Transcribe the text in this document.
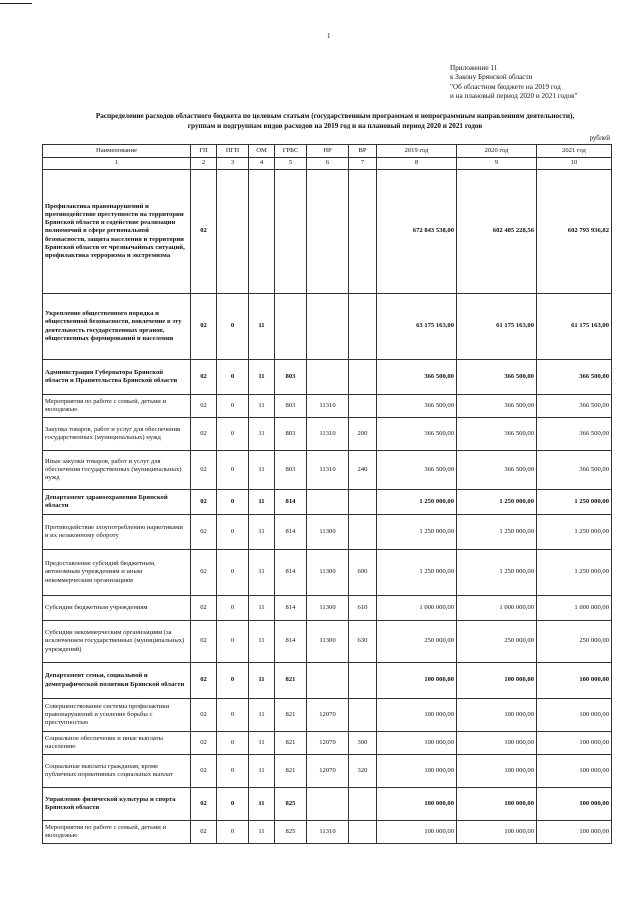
1
Приложение 11
к Закону Брянской области
"Об областном бюджете на 2019 год
и на плановый период 2020 и 2021 годов"
Распределение расходов областного бюджета по целевым статьям (государственным программам и непрограммным направлениям деятельности),
группам и подгруппам видов расходов на 2019 год и на плановый период 2020 и 2021 годов
рублей
Наименование	ГП	ПГП	ОМ	ГРБС	НР	ВР	2019 год	2020 год	2021 год
1	2	3	4	5	6	7	8	9	10
Профилактика правонарушений и противодействие преступности на территории Брянской области и содействие реализации полномочий в сфере региональной безопасности, защита населения и территории Брянской области от чрезвычайных ситуаций, профилактика терроризма и экстремизма	02						672 843 538,00	602 485 228,56	602 793 936,82
Укрепление общественного порядка и общественной безопасности, вовлечение в эту деятельность государственных органов, общественных формирований и населения	02	0	11				63 175 163,00	61 175 163,00	61 175 163,00
Администрация Губернатора Брянской области и Правительства Брянской области	02	0	11	803			366 500,00	366 500,00	366 500,00
Мероприятия по работе с семьей, детьми и молодежью	02	0	11	803	11310		366 500,00	366 500,00	366 500,00
Закупка товаров, работ и услуг для обеспечения государственных (муниципальных) нужд	02	0	11	803	11310	200	366 500,00	366 500,00	366 500,00
Иные закупки товаров, работ и услуг для обеспечения государственных (муниципальных) нужд	02	0	11	803	11310	240	366 500,00	366 500,00	366 500,00
Департамент здравоохранения Брянской области	02	0	11	814			1 250 000,00	1 250 000,00	1 250 000,00
Противодействие злоупотреблению наркотиками и их незаконному обороту	02	0	11	814	11300		1 250 000,00	1 250 000,00	1 250 000,00
Предоставление субсидий бюджетным, автономным учреждениям и иным некоммерческим организациям	02	0	11	814	11300	600	1 250 000,00	1 250 000,00	1 250 000,00
Субсидии бюджетным учреждениям	02	0	11	814	11300	610	1 000 000,00	1 000 000,00	1 000 000,00
Субсидии некоммерческим организациям (за исключением государственных (муниципальных) учреждений)	02	0	11	814	11300	630	250 000,00	250 000,00	250 000,00
Департамент семьи, социальной и демографической политики Брянской области	02	0	11	821			100 000,00	100 000,00	100 000,00
Совершенствование системы профилактики правонарушений и усиление борьбы с преступностью	02	0	11	821	12070		100 000,00	100 000,00	100 000,00
Социальное обеспечение и иные выплаты населению	02	0	11	821	12070	300	100 000,00	100 000,00	100 000,00
Социальные выплаты гражданам, кроме публичных нормативных социальных выплат	02	0	11	821	12070	320	100 000,00	100 000,00	100 000,00
Управление физической культуры и спорта Брянской области	02	0	11	825			100 000,00	100 000,00	100 000,00
Мероприятия по работе с семьей, детьми и молодежью	02	0	11	825	11310		100 000,00	100 000,00	100 000,00
